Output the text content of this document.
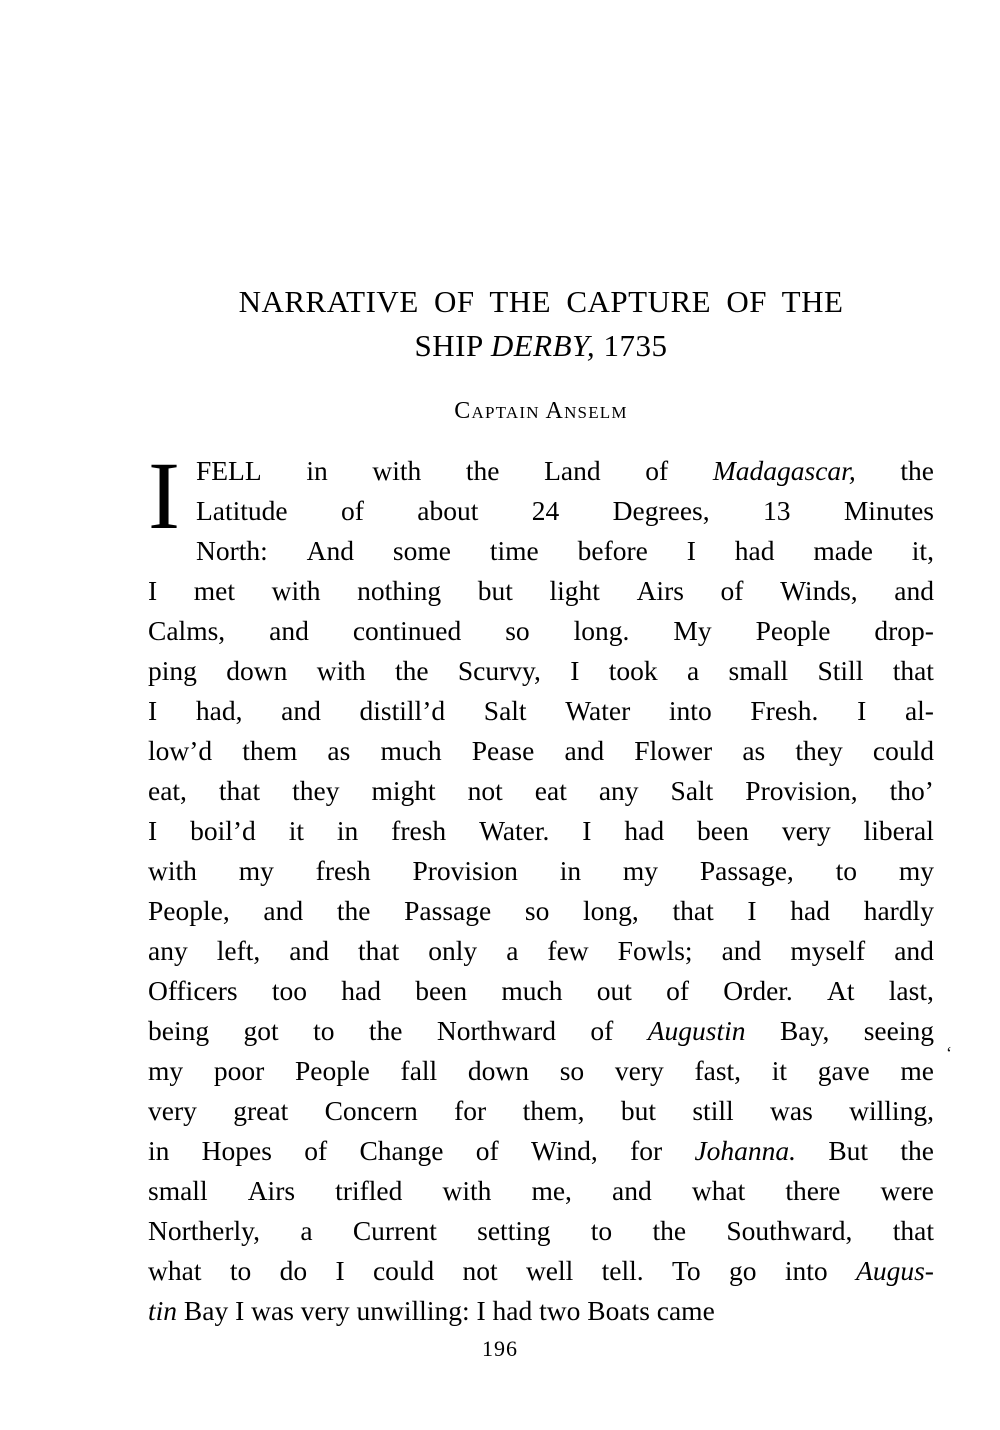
NARRATIVE OF THE CAPTURE OF THE
SHIP DERBY, 1735
Captain Anselm
I FELL in with the Land of Madagascar, the
Latitude of about 24 Degrees, 13 Minutes
North: And some time before I had made it,
I met with nothing but light Airs of Winds, and
Calms, and continued so long. My People drop-
ping down with the Scurvy, I took a small Still that
I had, and distill’d Salt Water into Fresh. I al-
low’d them as much Pease and Flower as they could
eat, that they might not eat any Salt Provision, tho’
I boil’d it in fresh Water. I had been very liberal
with my fresh Provision in my Passage, to my
People, and the Passage so long, that I had hardly
any left, and that only a few Fowls; and myself and
Officers too had been much out of Order. At last,
being got to the Northward of Augustin Bay, seeing
my poor People fall down so very fast, it gave me
very great Concern for them, but still was willing,
in Hopes of Change of Wind, for Johanna. But the
small Airs trifled with me, and what there were
Northerly, a Current setting to the Southward, that
what to do I could not well tell. To go into Augus-
tin Bay I was very unwilling: I had two Boats came
‘
196
